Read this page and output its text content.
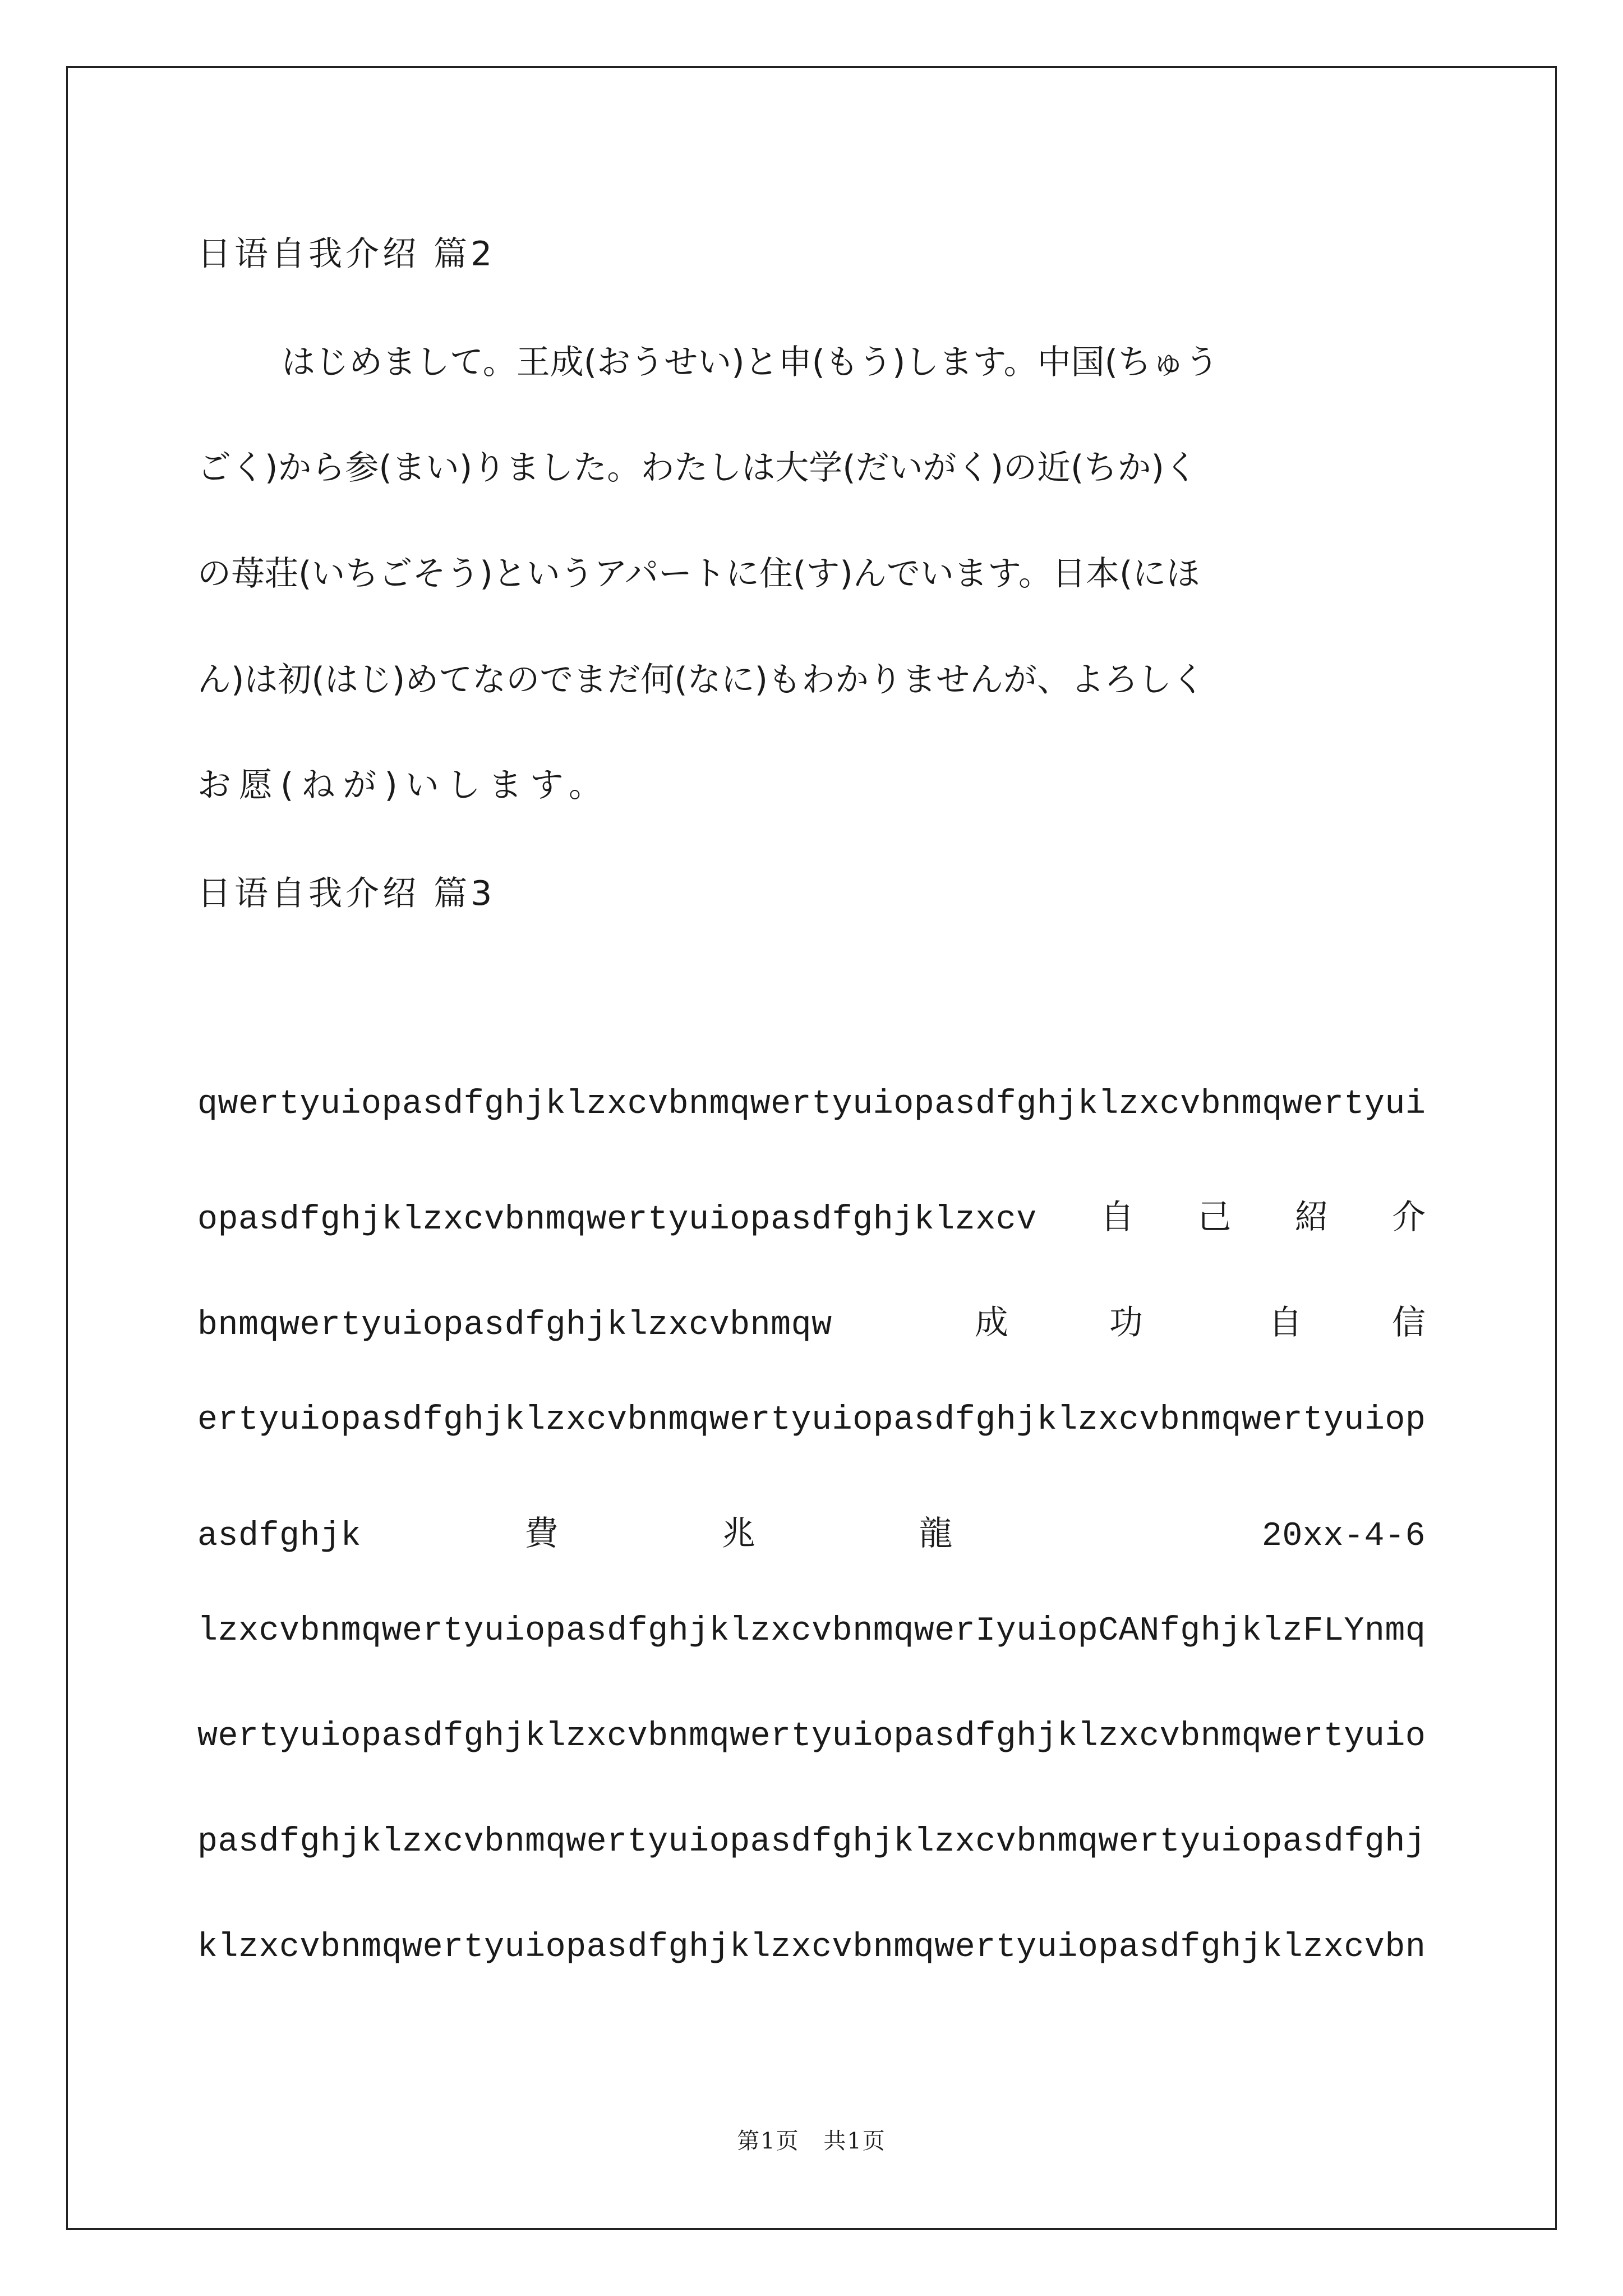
日语自我介绍 篇2
はじめまして。王成(おうせい)と申(もう)します。中国(ちゅう
ごく)から参(まい)りました。わたしは大学(だいがく)の近(ちか)く
の苺荘(いちごそう)というアパートに住(す)んでいます。日本(にほ
ん)は初(はじ)めてなのでまだ何(なに)もわかりませんが、よろしく
お愿(ねが)いします。
日语自我介绍 篇3
qwertyuiopasdfghjklzxcvbnmqwertyuiopasdfghjklzxcvbnmqwertyui
opasdfghjklzxcvbnmqwertyuiopasdfghjklzxcv 自 己 紹 介
bnmqwertyuiopasdfghjklzxcvbnmqw	成	功	自	信
ertyuiopasdfghjklzxcvbnmqwertyuiopasdfghjklzxcvbnmqwertyuiop
asdfghjk	費	兆	龍	20xx-4-6
lzxcvbnmqwertyuiopasdfghjklzxcvbnmqwerIyuiopCANfghjklzFLYnmq
wertyuiopasdfghjklzxcvbnmqwertyuiopasdfghjklzxcvbnmqwertyuio
pasdfghjklzxcvbnmqwertyuiopasdfghjklzxcvbnmqwertyuiopasdfghj
klzxcvbnmqwertyuiopasdfghjklzxcvbnmqwertyuiopasdfghjklzxcvbn
第1页 共1页
